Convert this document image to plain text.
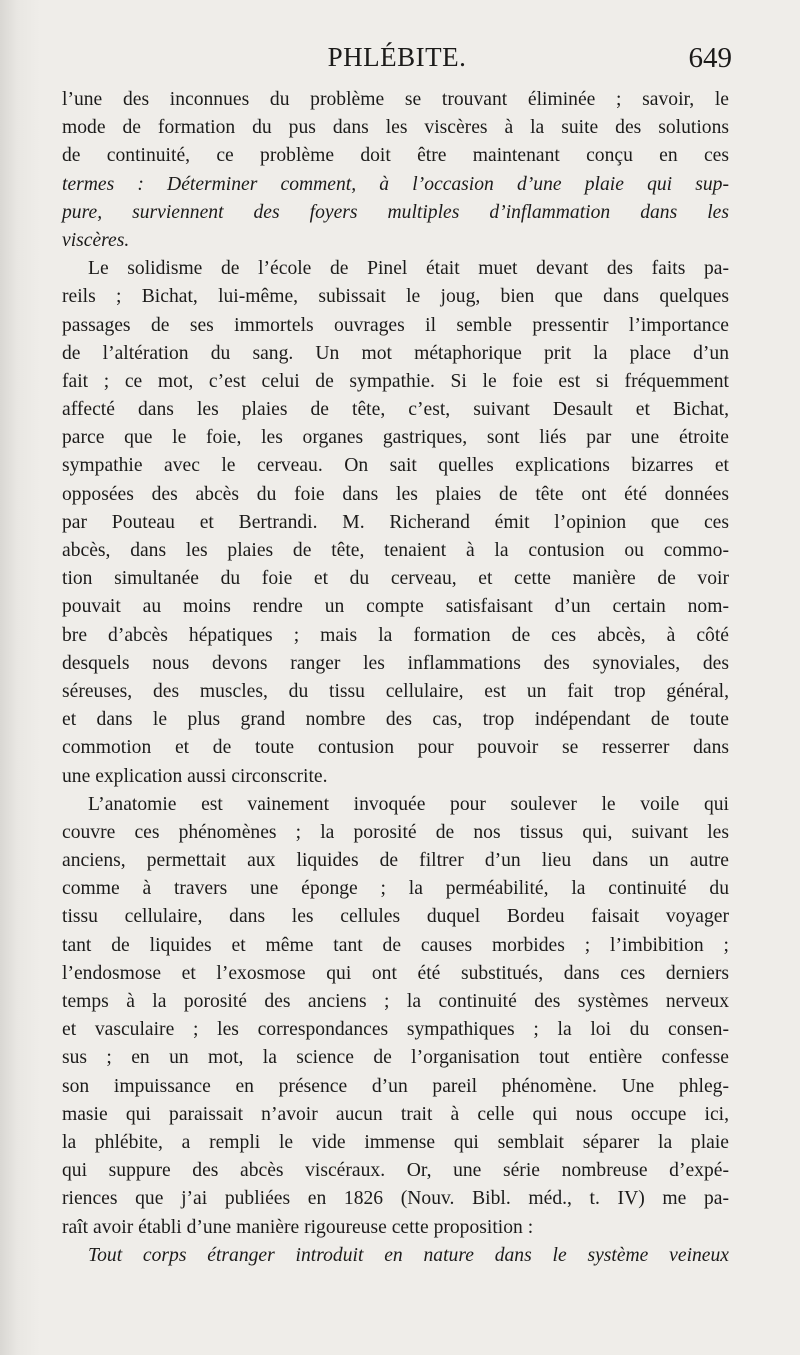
PHLÉBITE.	649
l’une des inconnues du problème se trouvant éliminée ; savoir, le
mode de formation du pus dans les viscères à la suite des solutions
de continuité, ce problème doit être maintenant conçu en ces
termes : Déterminer comment, à l’occasion d’une plaie qui sup-
pure, surviennent des foyers multiples d’inflammation dans les
viscères.
Le solidisme de l’école de Pinel était muet devant des faits pa-
reils ; Bichat, lui-même, subissait le joug, bien que dans quelques
passages de ses immortels ouvrages il semble pressentir l’importance
de l’altération du sang. Un mot métaphorique prit la place d’un
fait ; ce mot, c’est celui de sympathie. Si le foie est si fréquemment
affecté dans les plaies de tête, c’est, suivant Desault et Bichat,
parce que le foie, les organes gastriques, sont liés par une étroite
sympathie avec le cerveau. On sait quelles explications bizarres et
opposées des abcès du foie dans les plaies de tête ont été données
par Pouteau et Bertrandi. M. Richerand émit l’opinion que ces
abcès, dans les plaies de tête, tenaient à la contusion ou commo-
tion simultanée du foie et du cerveau, et cette manière de voir
pouvait au moins rendre un compte satisfaisant d’un certain nom-
bre d’abcès hépatiques ; mais la formation de ces abcès, à côté
desquels nous devons ranger les inflammations des synoviales, des
séreuses, des muscles, du tissu cellulaire, est un fait trop général,
et dans le plus grand nombre des cas, trop indépendant de toute
commotion et de toute contusion pour pouvoir se resserrer dans
une explication aussi circonscrite.
L’anatomie est vainement invoquée pour soulever le voile qui
couvre ces phénomènes ; la porosité de nos tissus qui, suivant les
anciens, permettait aux liquides de filtrer d’un lieu dans un autre
comme à travers une éponge ; la perméabilité, la continuité du
tissu cellulaire, dans les cellules duquel Bordeu faisait voyager
tant de liquides et même tant de causes morbides ; l’imbibition ;
l’endosmose et l’exosmose qui ont été substitués, dans ces derniers
temps à la porosité des anciens ; la continuité des systèmes nerveux
et vasculaire ; les correspondances sympathiques ; la loi du consen-
sus ; en un mot, la science de l’organisation tout entière confesse
son impuissance en présence d’un pareil phénomène. Une phleg-
masie qui paraissait n’avoir aucun trait à celle qui nous occupe ici,
la phlébite, a rempli le vide immense qui semblait séparer la plaie
qui suppure des abcès viscéraux. Or, une série nombreuse d’expé-
riences que j’ai publiées en 1826 (Nouv. Bibl. méd., t. IV) me pa-
raît avoir établi d’une manière rigoureuse cette proposition :
Tout corps étranger introduit en nature dans le système veineux
